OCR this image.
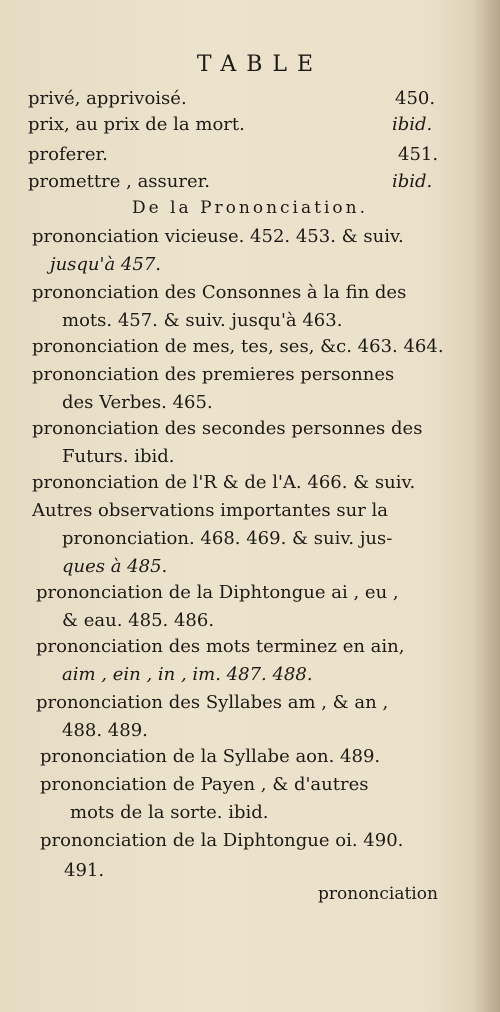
TABLE
privé, apprivoisé.	450.
prix, au prix de la mort.	ibid.
proferer.	451.
promettre , assurer.	ibid.
De la Prononciation.
prononciation vicieuse. 452. 453. & suiv.
jusqu'à 457.
prononciation des Consonnes à la fin des
mots. 457. & suiv. jusqu'à 463.
prononciation de mes, tes, ses, &c. 463. 464.
prononciation des premieres personnes
des Verbes. 465.
prononciation des secondes personnes des
Futurs. ibid.
prononciation de l'R & de l'A. 466. & suiv.
Autres observations importantes sur la
prononciation. 468. 469. & suiv. jus-
ques à 485.
prononciation de la Diphtongue ai , eu ,
& eau. 485. 486.
prononciation des mots terminez en ain,
aim , ein , in , im. 487. 488.
prononciation des Syllabes am , & an ,
488. 489.
prononciation de la Syllabe aon. 489.
prononciation de Payen , & d'autres
mots de la sorte. ibid.
prononciation de la Diphtongue oi. 490.
491.
prononciation
